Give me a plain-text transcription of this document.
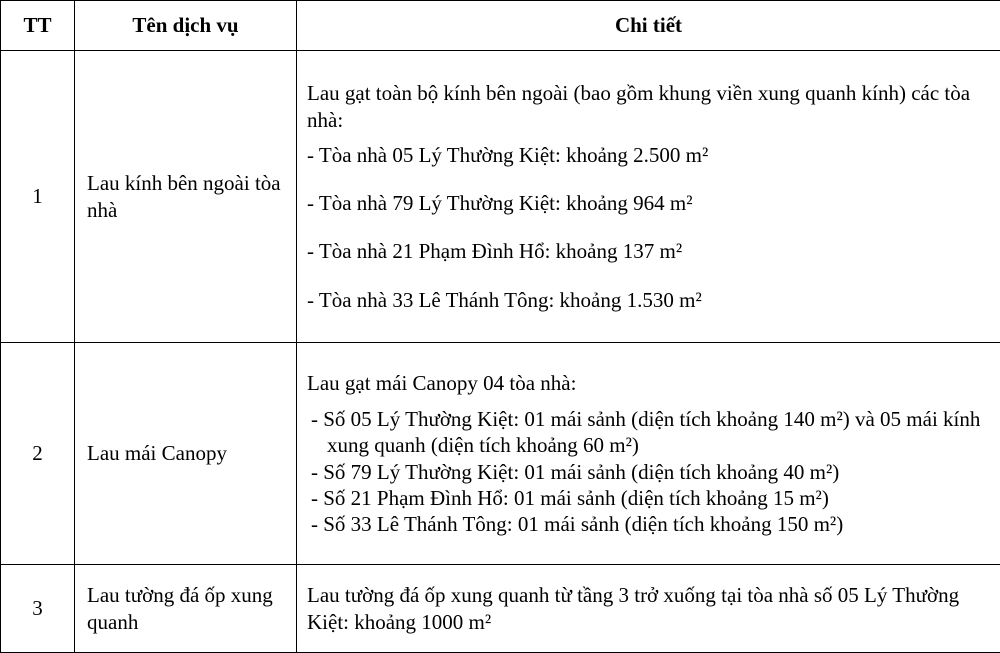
TT	Tên dịch vụ	Chi tiết
1	Lau kính bên ngoài tòa nhà	Lau gạt toàn bộ kính bên ngoài (bao gồm khung viền xung quanh kính) các tòa nhà:

- Tòa nhà 05 Lý Thường Kiệt: khoảng 2.500 m²

- Tòa nhà 79 Lý Thường Kiệt: khoảng 964 m²

- Tòa nhà 21 Phạm Đình Hổ: khoảng 137 m²

- Tòa nhà 33 Lê Thánh Tông: khoảng 1.530 m²

2	Lau mái Canopy	Lau gạt mái Canopy 04 tòa nhà:

- Số 05 Lý Thường Kiệt: 01 mái sảnh (diện tích khoảng 140 m²) và 05 mái kính xung quanh (diện tích khoảng 60 m²)

- Số 79 Lý Thường Kiệt: 01 mái sảnh (diện tích khoảng 40 m²)

- Số 21 Phạm Đình Hổ: 01 mái sảnh (diện tích khoảng 15 m²)

- Số 33 Lê Thánh Tông: 01 mái sảnh (diện tích khoảng 150 m²)

3	Lau tường đá ốp xung quanh	Lau tường đá ốp xung quanh từ tầng 3 trở xuống tại tòa nhà số 05 Lý Thường Kiệt: khoảng 1000 m²
